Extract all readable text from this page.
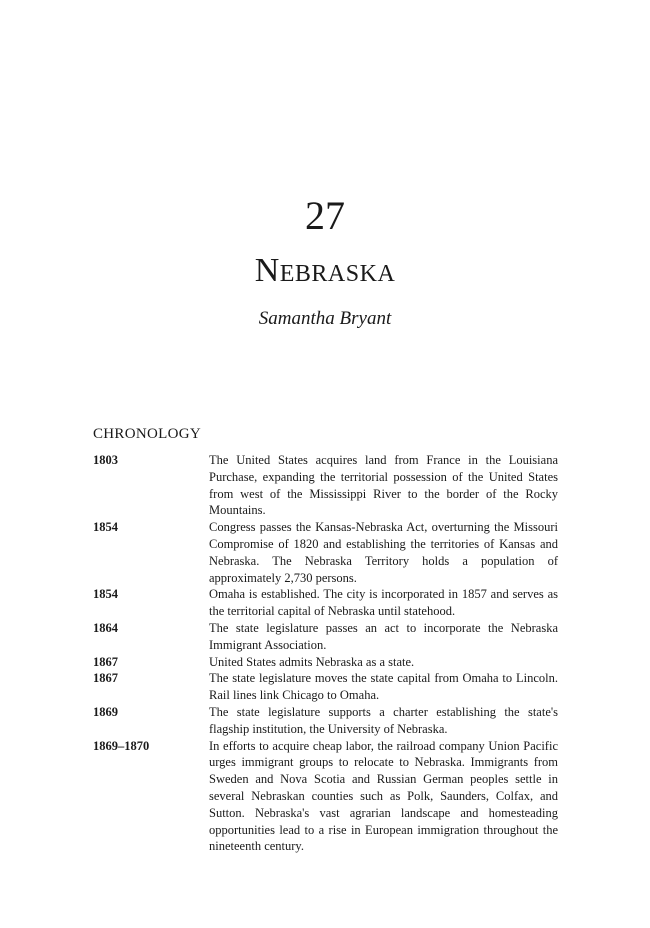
27
Nebraska
Samantha Bryant
CHRONOLOGY
1803	The United States acquires land from France in the Louisiana Purchase, expanding the territorial possession of the United States from west of the Mississippi River to the border of the Rocky Mountains.
1854	Congress passes the Kansas-Nebraska Act, overturning the Missouri Compromise of 1820 and establishing the territories of Kansas and Nebraska. The Nebraska Territory holds a population of approximately 2,730 persons.
1854	Omaha is established. The city is incorporated in 1857 and serves as the territorial capital of Nebraska until statehood.
1864	The state legislature passes an act to incorporate the Nebraska Immigrant Association.
1867	United States admits Nebraska as a state.
1867	The state legislature moves the state capital from Omaha to Lincoln. Rail lines link Chicago to Omaha.
1869	The state legislature supports a charter establishing the state's flagship institution, the University of Nebraska.
1869–1870	In efforts to acquire cheap labor, the railroad company Union Pacific urges immigrant groups to relocate to Nebraska. Immigrants from Sweden and Nova Scotia and Russian German peoples settle in several Nebraskan counties such as Polk, Saunders, Colfax, and Sutton. Nebraska's vast agrarian landscape and homesteading opportunities lead to a rise in European immigration throughout the nineteenth century.
